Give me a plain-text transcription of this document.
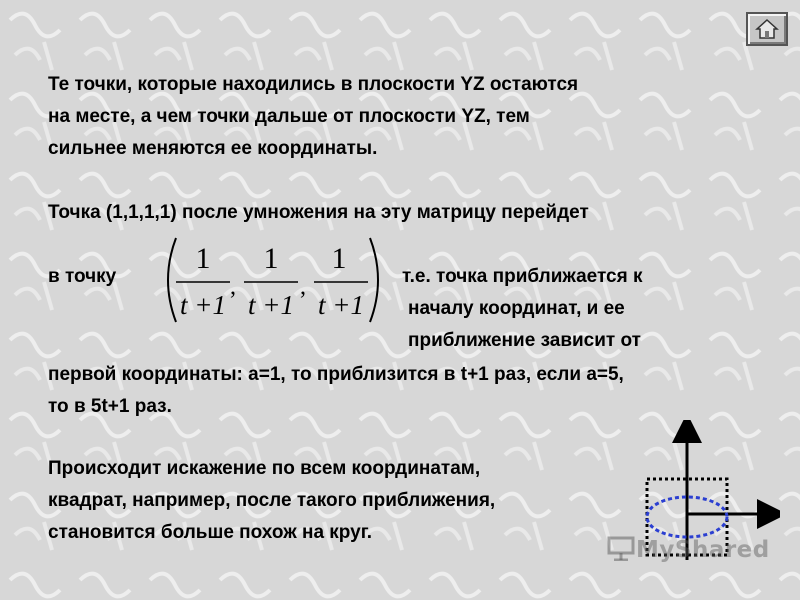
Те точки, которые находились в плоскости YZ остаются
на месте, а чем точки дальше от плоскости YZ, тем
сильнее меняются ее координаты.
Точка (1,1,1,1) после умножения на эту матрицу перейдет
в точку
1
t +1
,
1
t +1
,
1
t +1
т.е. точка приближается к
началу координат, и ее
приближение зависит от
первой координаты: a=1, то приблизится в t+1 раз, если a=5,
то в 5t+1 раз.
Происходит искажение по всем координатам,
квадрат, например, после такого приближения,
становится больше похож на круг.
MyShared
